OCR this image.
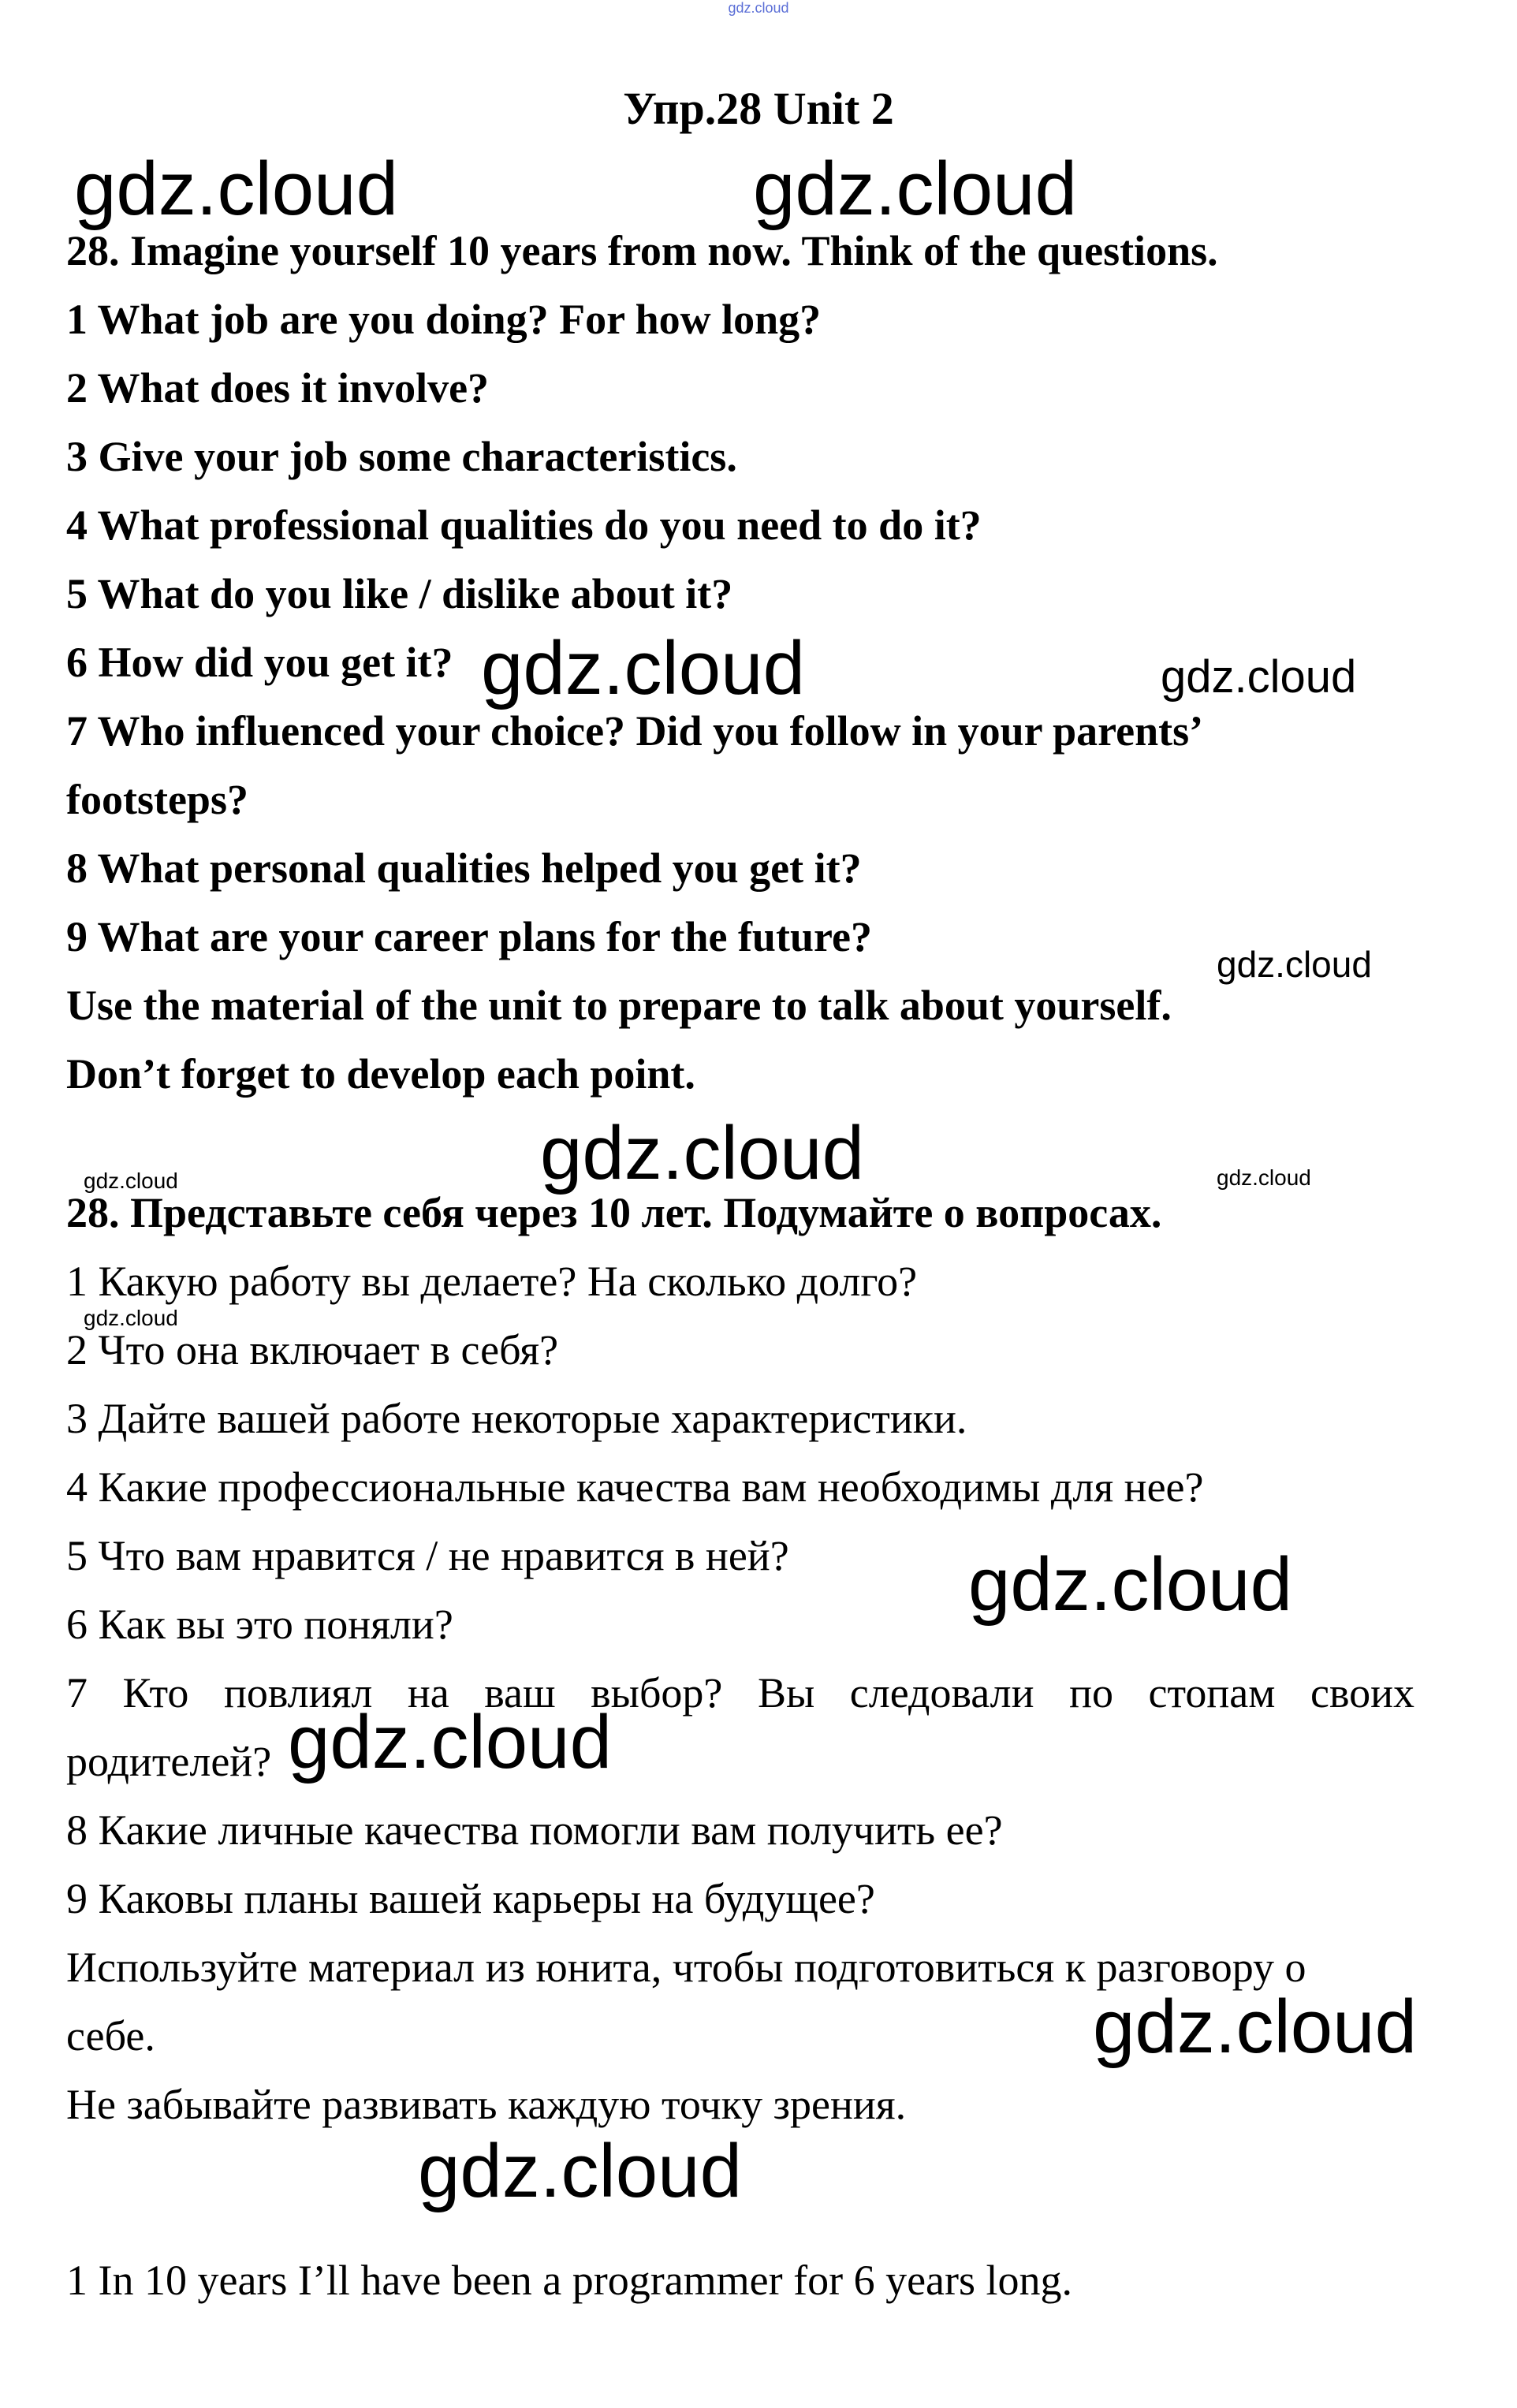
gdz.cloud
Упр.28 Unit 2
28. Imagine yourself 10 years from now. Think of the questions.
1 What job are you doing? For how long?
2 What does it involve?
3 Give your job some characteristics.
4 What professional qualities do you need to do it?
5 What do you like / dislike about it?
6 How did you get it?
7 Who influenced your choice? Did you follow in your parents’
footsteps?
8 What personal qualities helped you get it?
9 What are your career plans for the future?
Use the material of the unit to prepare to talk about yourself.
Don’t forget to develop each point.
28. Представьте себя через 10 лет. Подумайте о вопросах.
1 Какую работу вы делаете? На сколько долго?
2 Что она включает в себя?
3 Дайте вашей работе некоторые характеристики.
4 Какие профессиональные качества вам необходимы для нее?
5 Что вам нравится / не нравится в ней?
6 Как вы это поняли?
7 Кто повлиял на ваш выбор? Вы следовали по стопам своих
родителей?
8 Какие личные качества помогли вам получить ее?
9 Каковы планы вашей карьеры на будущее?
Используйте материал из юнита, чтобы подготовиться к разговору о
себе.
Не забывайте развивать каждую точку зрения.
1 In 10 years I’ll have been a programmer for 6 years long.
gdz.cloud	gdz.cloud
gdz.cloud	gdz.cloud
gdz.cloud
gdz.cloud
gdz.cloud	gdz.cloud
gdz.cloud
gdz.cloud
gdz.cloud
gdz.cloud
gdz.cloud
